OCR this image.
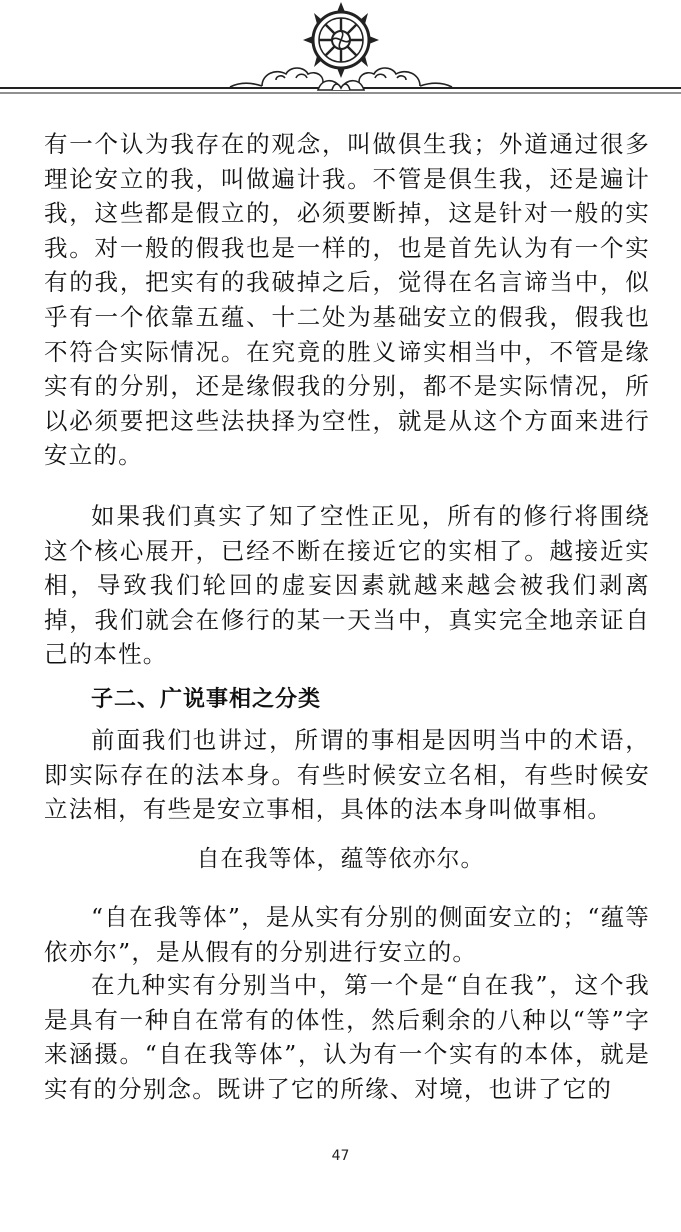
有一个认为我存在的观念，叫做俱生我；外道通过很多理论安立的我，叫做遍计我。不管是俱生我，还是遍计我，这些都是假立的，必须要断掉，这是针对一般的实我。对一般的假我也是一样的，也是首先认为有一个实有的我，把实有的我破掉之后，觉得在名言谛当中，似乎有一个依靠五蕴、十二处为基础安立的假我，假我也不符合实际情况。在究竟的胜义谛实相当中，不管是缘实有的分别，还是缘假我的分别，都不是实际情况，所以必须要把这些法抉择为空性，就是从这个方面来进行安立的。

如果我们真实了知了空性正见，所有的修行将围绕这个核心展开，已经不断在接近它的实相了。越接近实相，导致我们轮回的虚妄因素就越来越会被我们剥离掉，我们就会在修行的某一天当中，真实完全地亲证自己的本性。

子二、广说事相之分类

前面我们也讲过，所谓的事相是因明当中的术语，即实际存在的法本身。有些时候安立名相，有些时候安立法相，有些是安立事相，具体的法本身叫做事相。

自在我等体，蕴等依亦尔。

“自在我等体”，是从实有分别的侧面安立的；“蕴等依亦尔”，是从假有的分别进行安立的。

在九种实有分别当中，第一个是“自在我”，这个我是具有一种自在常有的体性，然后剩余的八种以“等”字来涵摄。“自在我等体”，认为有一个实有的本体，就是实有的分别念。既讲了它的所缘、对境，也讲了它的

47
